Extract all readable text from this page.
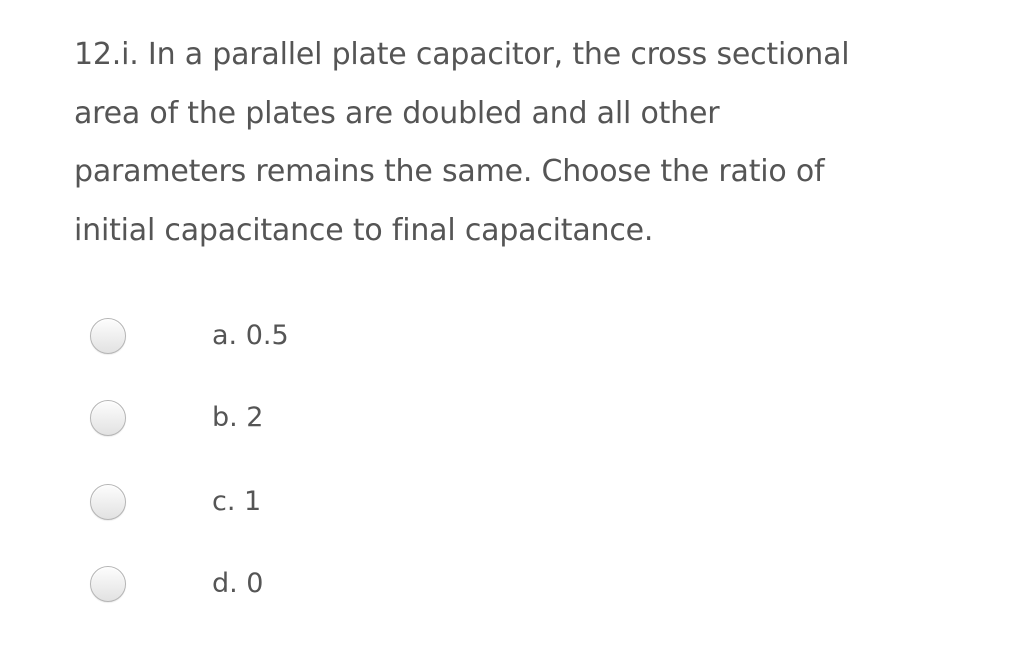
12.i. In a parallel plate capacitor, the cross sectional
area of the plates are doubled and all other
parameters remains the same. Choose the ratio of
initial capacitance to final capacitance.
a. 0.5
b. 2
c. 1
d. 0
